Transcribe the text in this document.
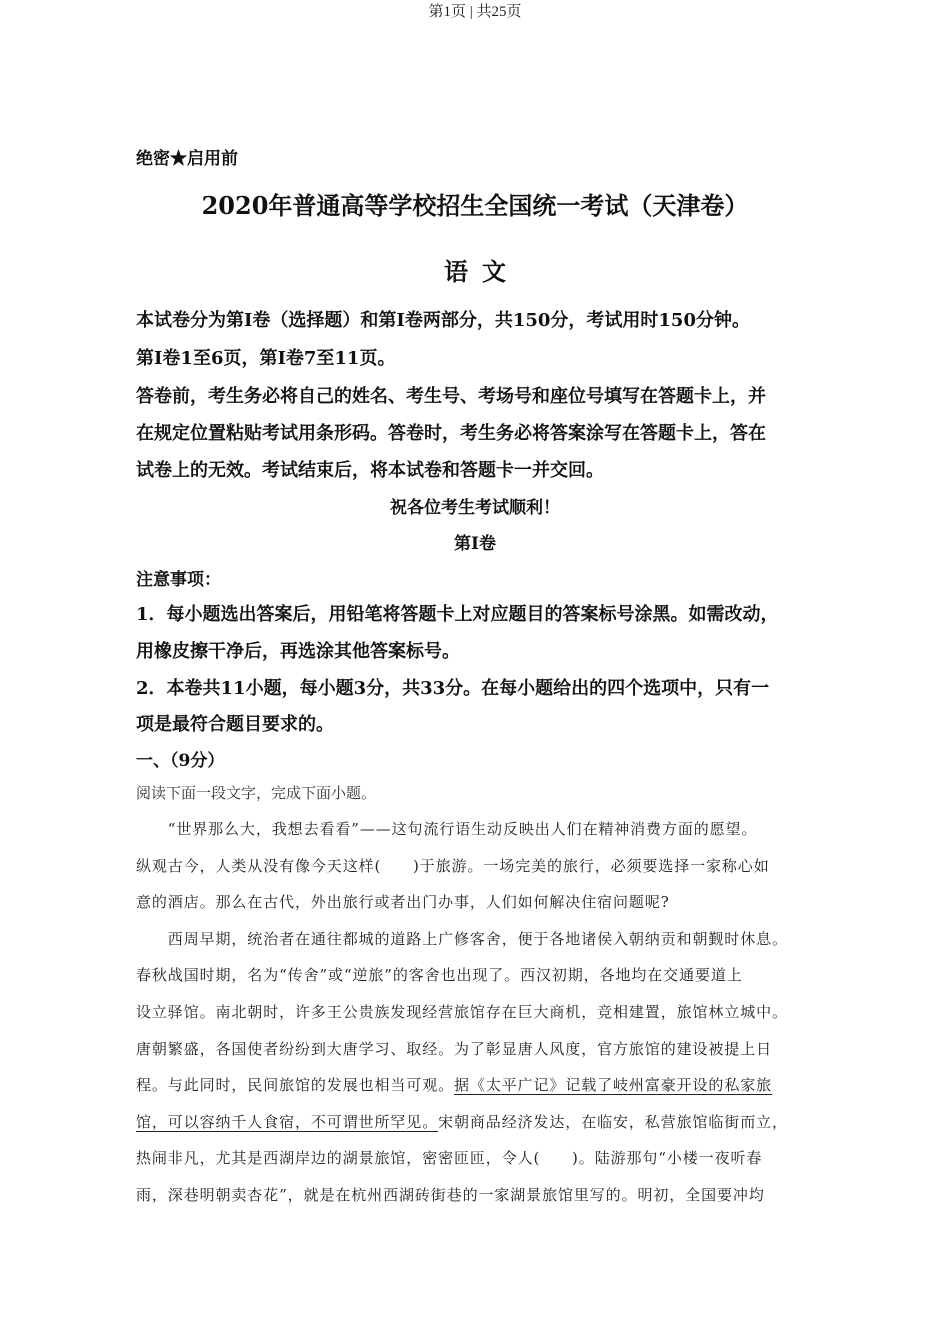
绝密★启用前
2020年普通高等学校招生全国统一考试（天津卷）
语文
本试卷分为第Ⅰ卷（选择题）和第Ⅰ卷两部分，共150分，考试用时150分钟。
第Ⅰ卷1至6页，第Ⅰ卷7至11页。
答卷前，考生务必将自己的姓名、考生号、考场号和座位号填写在答题卡上，并
在规定位置粘贴考试用条形码。答卷时，考生务必将答案涂写在答题卡上，答在
试卷上的无效。考试结束后，将本试卷和答题卡一并交回。
祝各位考生考试顺利！
第Ⅰ卷
注意事项：
1．每小题选出答案后，用铅笔将答题卡上对应题目的答案标号涂黑。如需改动，
用橡皮擦干净后，再选涂其他答案标号。
2．本卷共11小题，每小题3分，共33分。在每小题给出的四个选项中，只有一
项是最符合题目要求的。
一、（9分）
阅读下面一段文字，完成下面小题。
　　“世界那么大，我想去看看”——这句流行语生动反映出人们在精神消费方面的愿望。
纵观古今，人类从没有像今天这样(　　)于旅游。一场完美的旅行，必须要选择一家称心如
意的酒店。那么在古代，外出旅行或者出门办事，人们如何解决住宿问题呢?
　　西周早期，统治者在通往都城的道路上广修客舍，便于各地诸侯入朝纳贡和朝觐时休息。
春秋战国时期，名为“传舍”或“逆旅”的客舍也出现了。西汉初期，各地均在交通要道上
设立驿馆。南北朝时，许多王公贵族发现经营旅馆存在巨大商机，竞相建置，旅馆林立城中。
唐朝繁盛，各国使者纷纷到大唐学习、取经。为了彰显唐人风度，官方旅馆的建设被提上日
程。与此同时，民间旅馆的发展也相当可观。据《太平广记》记载了岐州富豪开设的私家旅
馆，可以容纳千人食宿，不可谓世所罕见。宋朝商品经济发达，在临安，私营旅馆临街而立，
热闹非凡，尤其是西湖岸边的湖景旅馆，密密匝匝，令人(　　)。陆游那句“小楼一夜听春
雨，深巷明朝卖杏花”，就是在杭州西湖砖街巷的一家湖景旅馆里写的。明初，全国要冲均
第1页 | 共25页
